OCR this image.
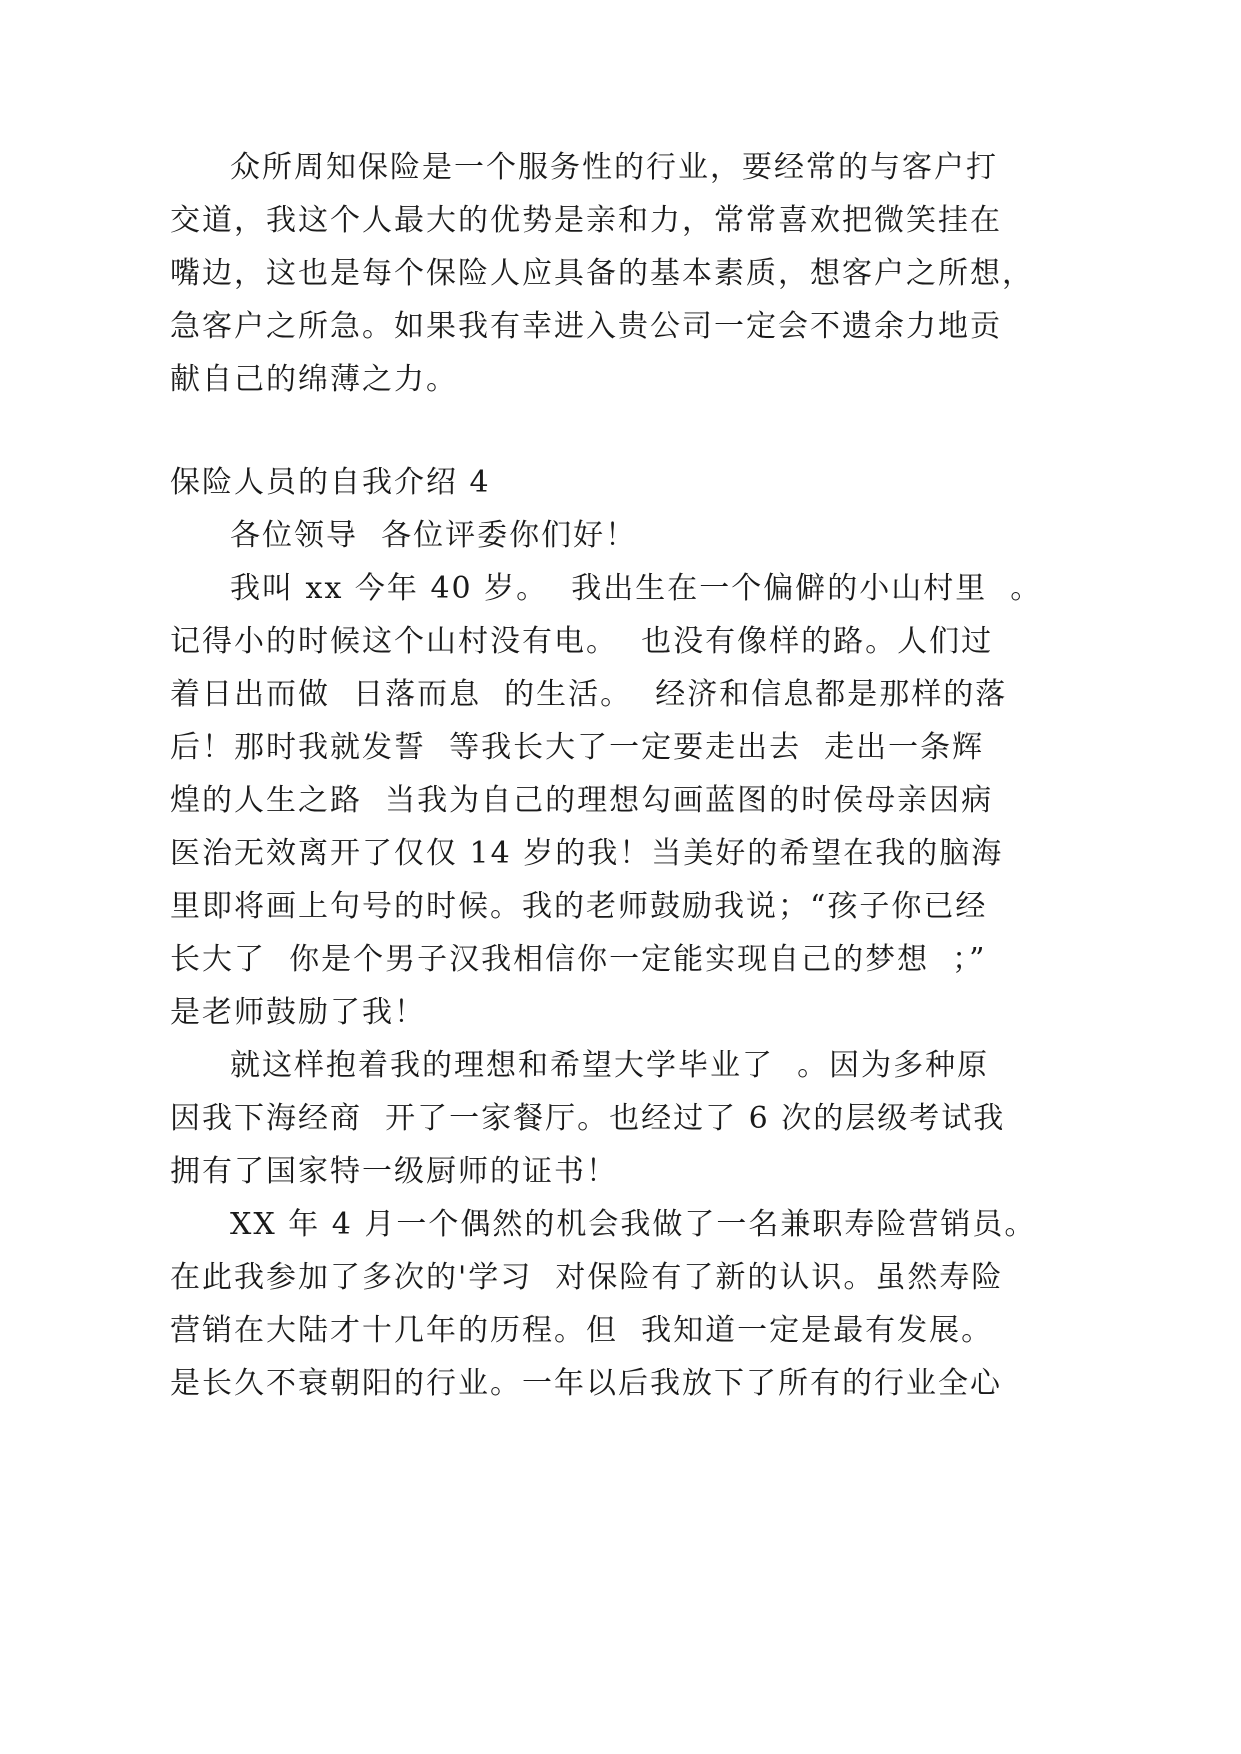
众所周知保险是一个服务性的行业，要经常的与客户打
交道，我这个人最大的优势是亲和力，常常喜欢把微笑挂在
嘴边，这也是每个保险人应具备的基本素质，想客户之所想，
急客户之所急。如果我有幸进入贵公司一定会不遗余力地贡
献自己的绵薄之力。
保险人员的自我介绍 4
各位领导  各位评委你们好！
我叫 xx 今年 40 岁。  我出生在一个偏僻的小山村里  。
记得小的时候这个山村没有电。  也没有像样的路。人们过
着日出而做  日落而息  的生活。  经济和信息都是那样的落
后！那时我就发誓  等我长大了一定要走出去  走出一条辉
煌的人生之路  当我为自己的理想勾画蓝图的时侯母亲因病
医治无效离开了仅仅 14 岁的我！当美好的希望在我的脑海
里即将画上句号的时候。我的老师鼓励我说；“孩子你已经
长大了  你是个男子汉我相信你一定能实现自己的梦想  ；”
是老师鼓励了我！
就这样抱着我的理想和希望大学毕业了  。因为多种原
因我下海经商  开了一家餐厅。也经过了 6 次的层级考试我
拥有了国家特一级厨师的证书！
XX 年 4 月一个偶然的机会我做了一名兼职寿险营销员。
在此我参加了多次的'学习  对保险有了新的认识。虽然寿险
营销在大陆才十几年的历程。但  我知道一定是最有发展。
是长久不衰朝阳的行业。一年以后我放下了所有的行业全心
